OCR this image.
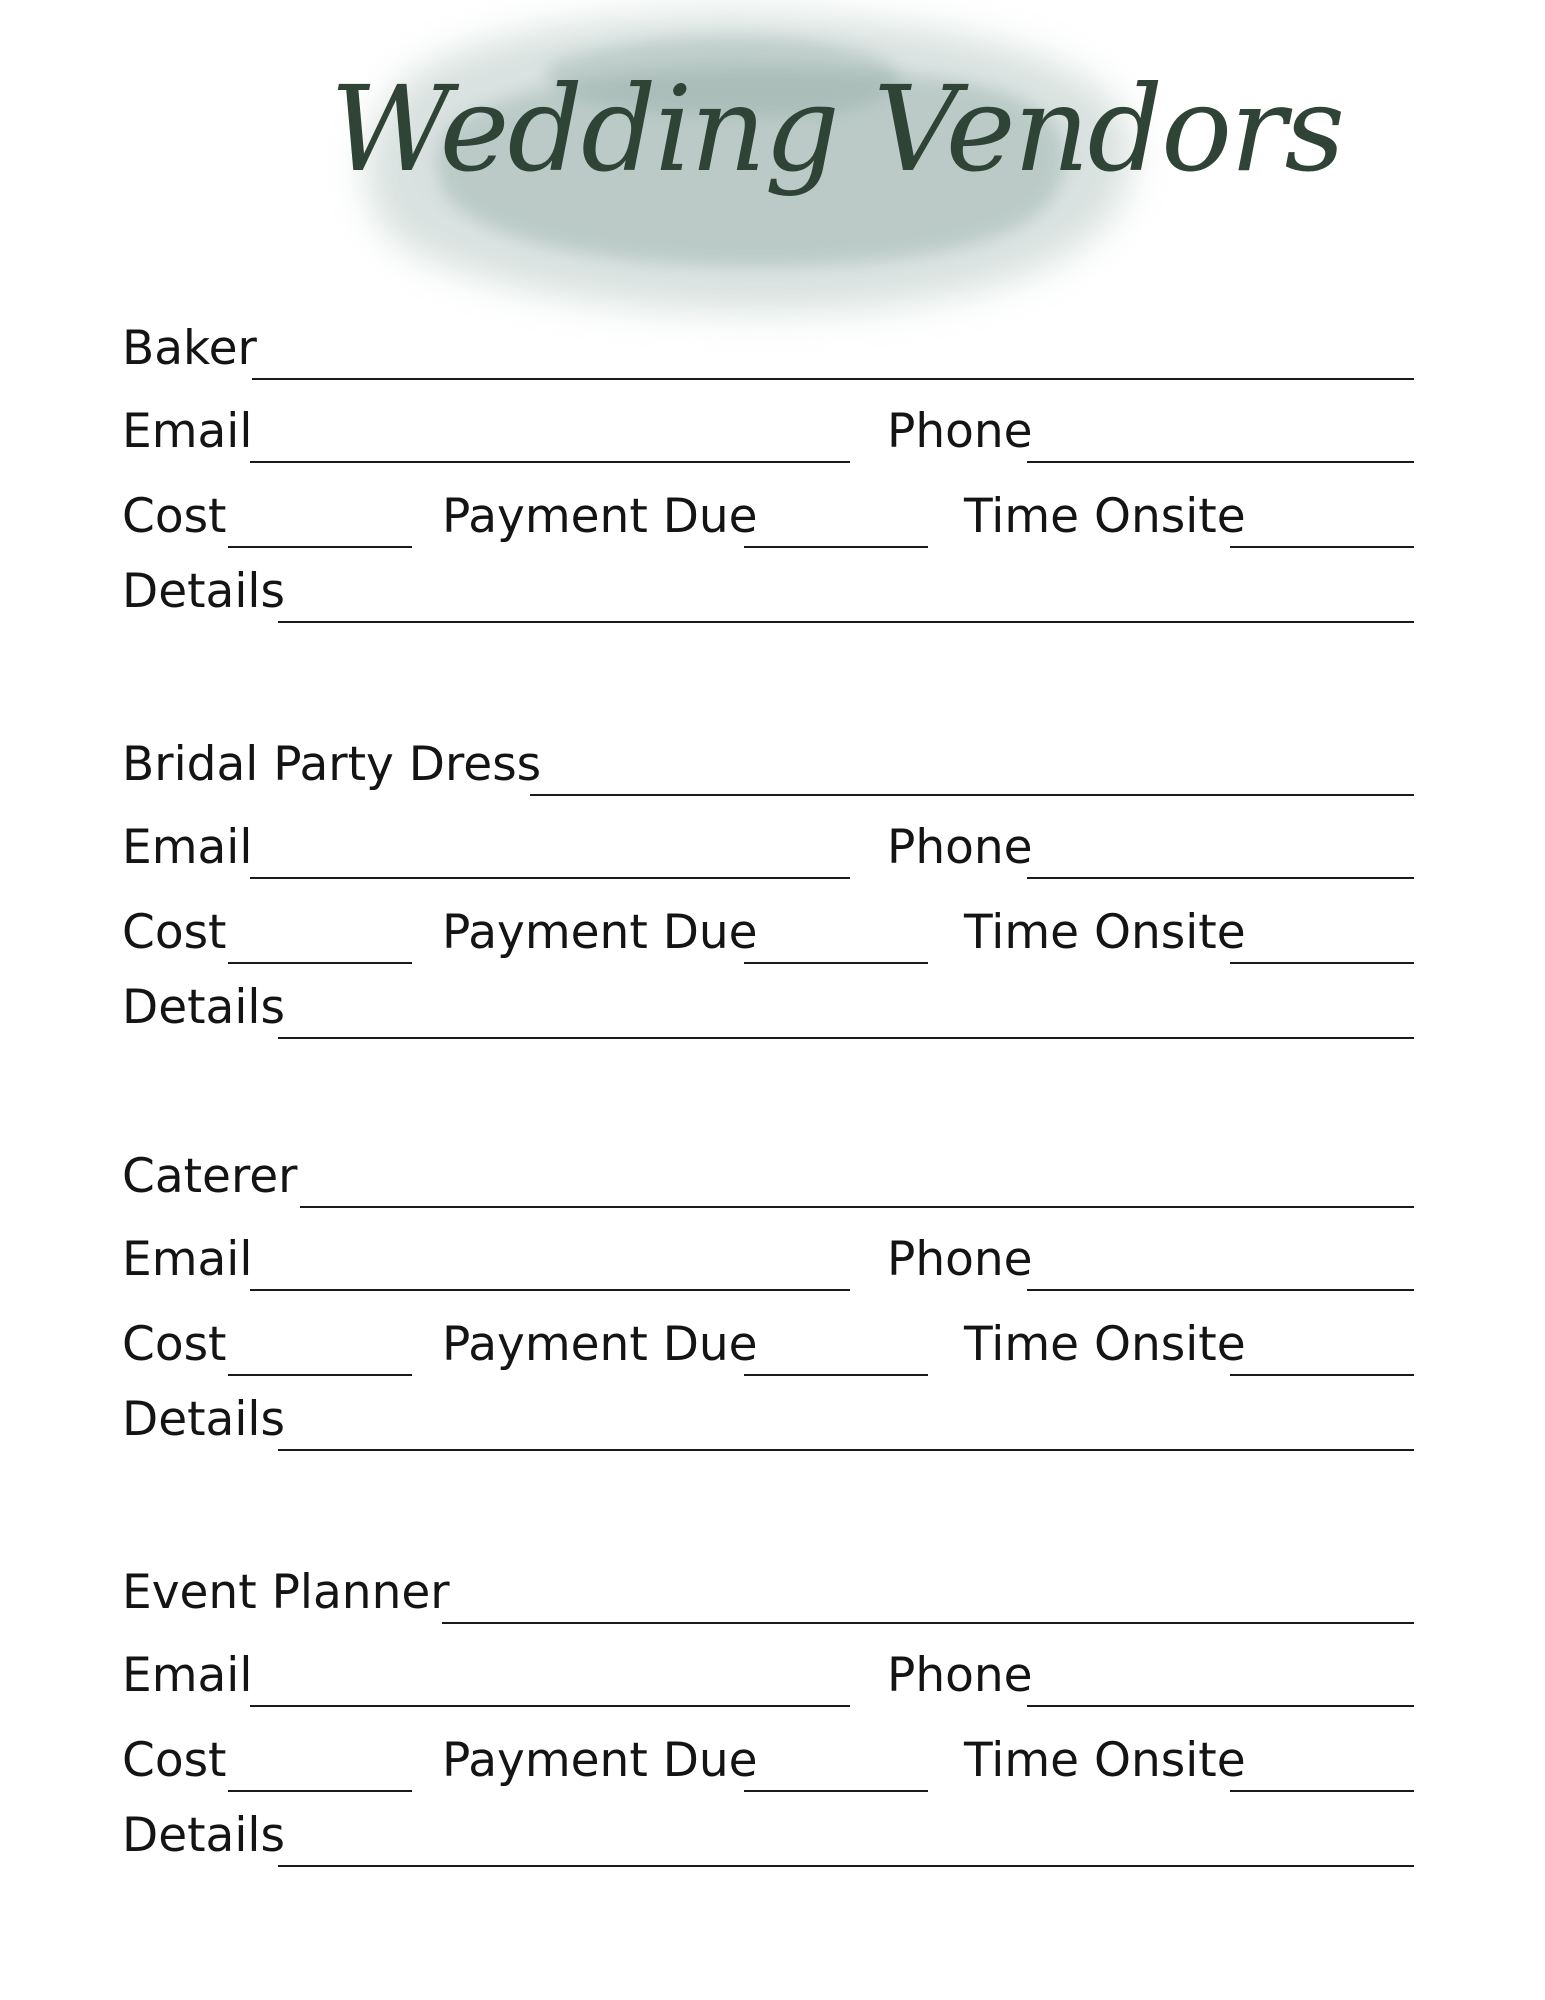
Wedding Vendors
Baker
Email	Phone
Cost	Payment Due	Time Onsite
Details
Bridal Party Dress
Email	Phone
Cost	Payment Due	Time Onsite
Details
Caterer
Email	Phone
Cost	Payment Due	Time Onsite
Details
Event Planner
Email	Phone
Cost	Payment Due	Time Onsite
Details
